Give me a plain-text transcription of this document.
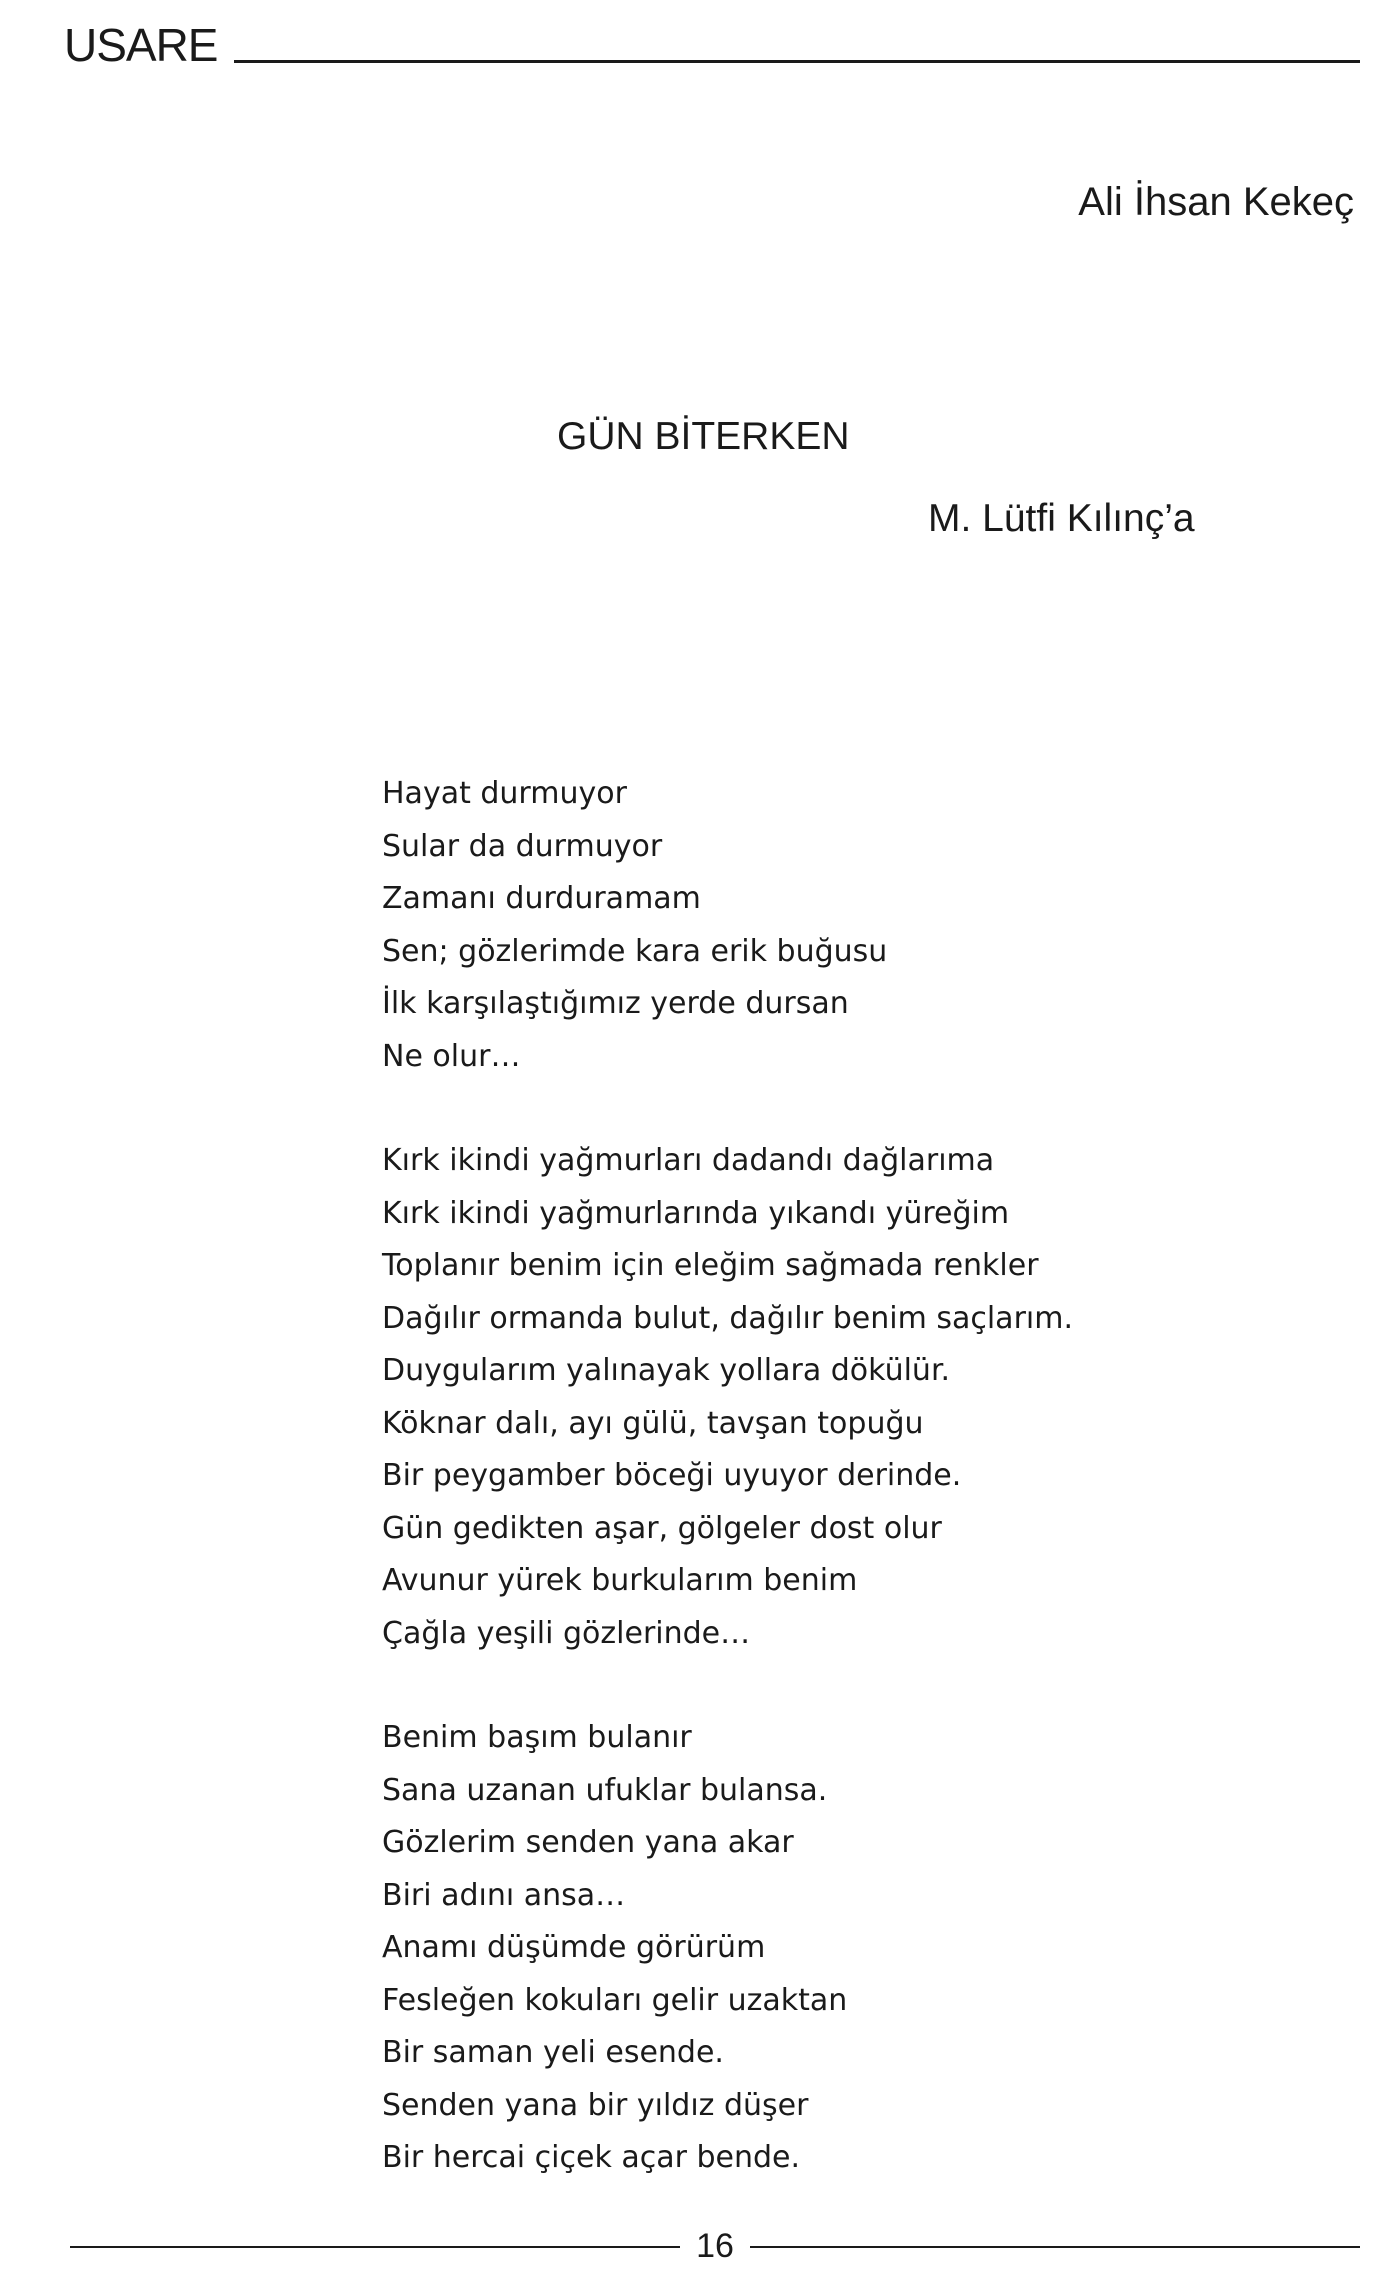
USARE
Ali İhsan Kekeç
GÜN BİTERKEN
M. Lütfi Kılınç’a
Hayat durmuyor
Sular da durmuyor
Zamanı durduramam
Sen; gözlerimde kara erik buğusu
İlk karşılaştığımız yerde dursan
Ne olur…
Kırk ikindi yağmurları dadandı dağlarıma
Kırk ikindi yağmurlarında yıkandı yüreğim
Toplanır benim için eleğim sağmada renkler
Dağılır ormanda bulut, dağılır benim saçlarım.
Duygularım yalınayak yollara dökülür.
Köknar dalı, ayı gülü, tavşan topuğu
Bir peygamber böceği uyuyor derinde.
Gün gedikten aşar, gölgeler dost olur
Avunur yürek burkularım benim
Çağla yeşili gözlerinde…
Benim başım bulanır
Sana uzanan ufuklar bulansa.
Gözlerim senden yana akar
Biri adını ansa…
Anamı düşümde görürüm
Fesleğen kokuları gelir uzaktan
Bir saman yeli esende.
Senden yana bir yıldız düşer
Bir hercai çiçek açar bende.
16
